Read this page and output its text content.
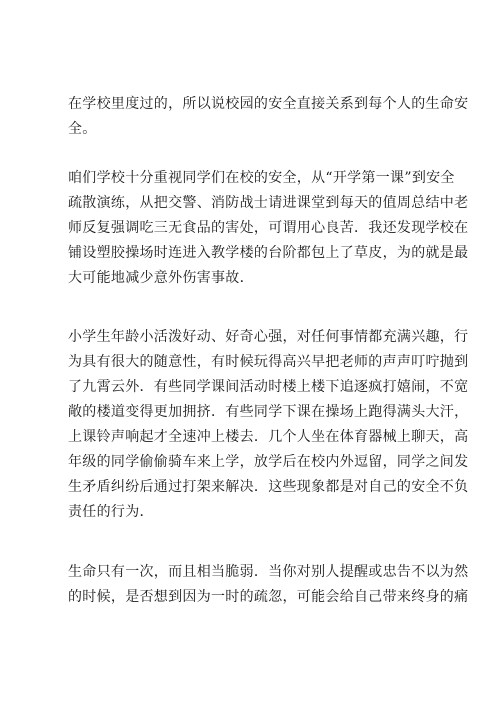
在学校里度过的，所以说校园的安全直接关系到每个人的生命安
全。
咱们学校十分重视同学们在校的安全，从“开学第一课”到安全
疏散演练，从把交警、消防战士请进课堂到每天的值周总结中老
师反复强调吃三无食品的害处，可谓用心良苦．我还发现学校在
铺设塑胶操场时连进入教学楼的台阶都包上了草皮，为的就是最
大可能地减少意外伤害事故．
小学生年龄小活泼好动、好奇心强，对任何事情都充满兴趣，行
为具有很大的随意性，有时候玩得高兴早把老师的声声叮咛抛到
了九霄云外．有些同学课间活动时楼上楼下追逐疯打嬉闹，不宽
敞的楼道变得更加拥挤．有些同学下课在操场上跑得满头大汗，
上课铃声响起才全速冲上楼去．几个人坐在体育器械上聊天，高
年级的同学偷偷骑车来上学，放学后在校内外逗留，同学之间发
生矛盾纠纷后通过打架来解决．这些现象都是对自己的安全不负
责任的行为．
生命只有一次，而且相当脆弱．当你对别人提醒或忠告不以为然
的时候，是否想到因为一时的疏忽，可能会给自己带来终身的痛
